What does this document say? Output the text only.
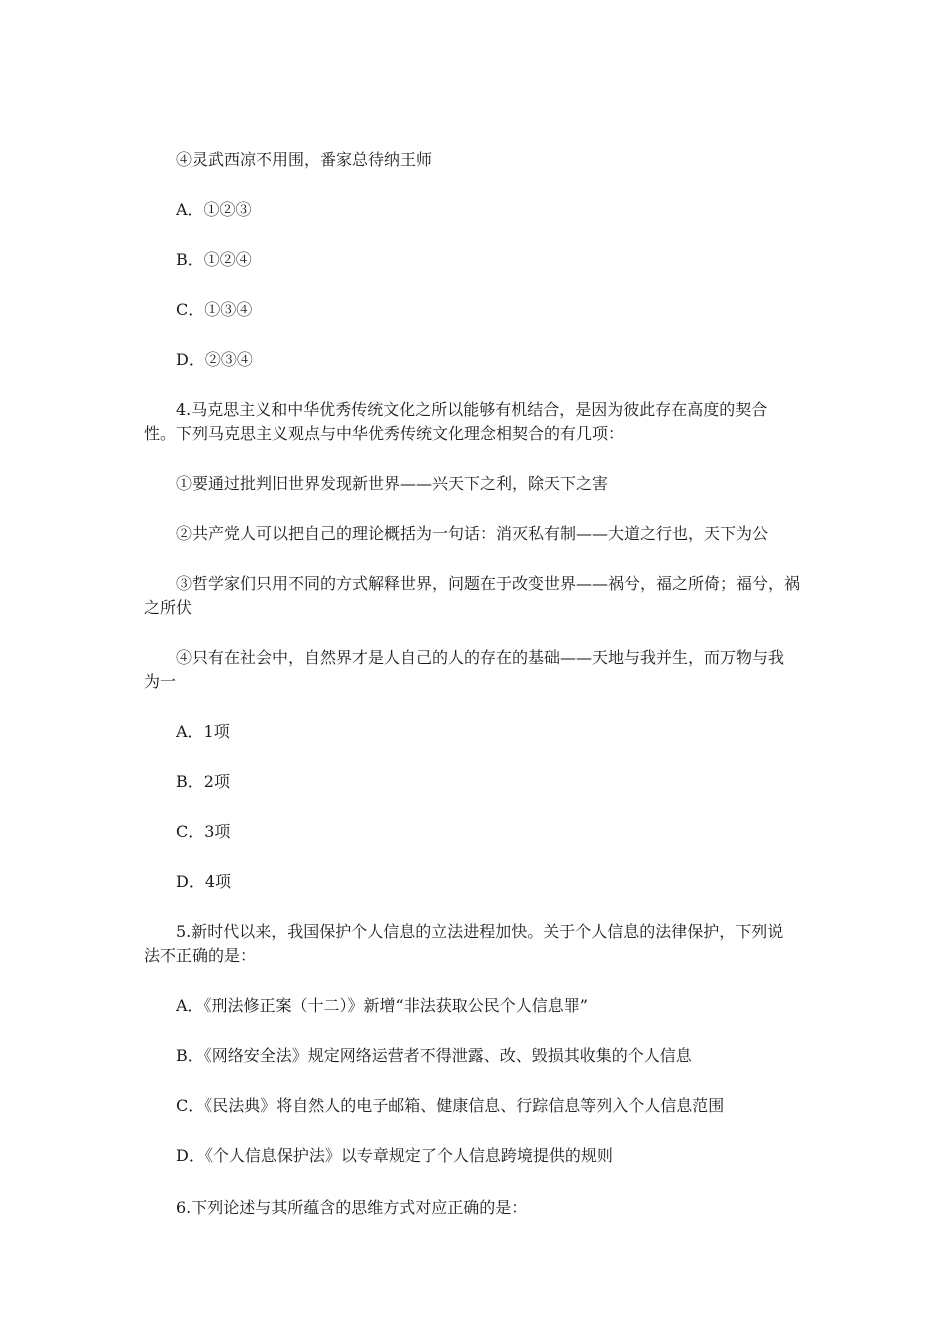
④灵武西凉不用围，番家总待纳王师
A．①②③
B．①②④
C．①③④
D．②③④
4.马克思主义和中华优秀传统文化之所以能够有机结合，是因为彼此存在高度的契合
性。下列马克思主义观点与中华优秀传统文化理念相契合的有几项：
①要通过批判旧世界发现新世界——兴天下之利，除天下之害
②共产党人可以把自己的理论概括为一句话：消灭私有制——大道之行也，天下为公
③哲学家们只用不同的方式解释世界，问题在于改变世界——祸兮，福之所倚；福兮，祸
之所伏
④只有在社会中，自然界才是人自己的人的存在的基础——天地与我并生，而万物与我
为一
A．1项
B．2项
C．3项
D．4项
5.新时代以来，我国保护个人信息的立法进程加快。关于个人信息的法律保护，下列说
法不正确的是：
A．《刑法修正案（十二）》新增“非法获取公民个人信息罪”
B．《网络安全法》规定网络运营者不得泄露、改、毁损其收集的个人信息
C．《民法典》将自然人的电子邮箱、健康信息、行踪信息等列入个人信息范围
D．《个人信息保护法》以专章规定了个人信息跨境提供的规则
6.下列论述与其所蕴含的思维方式对应正确的是：
